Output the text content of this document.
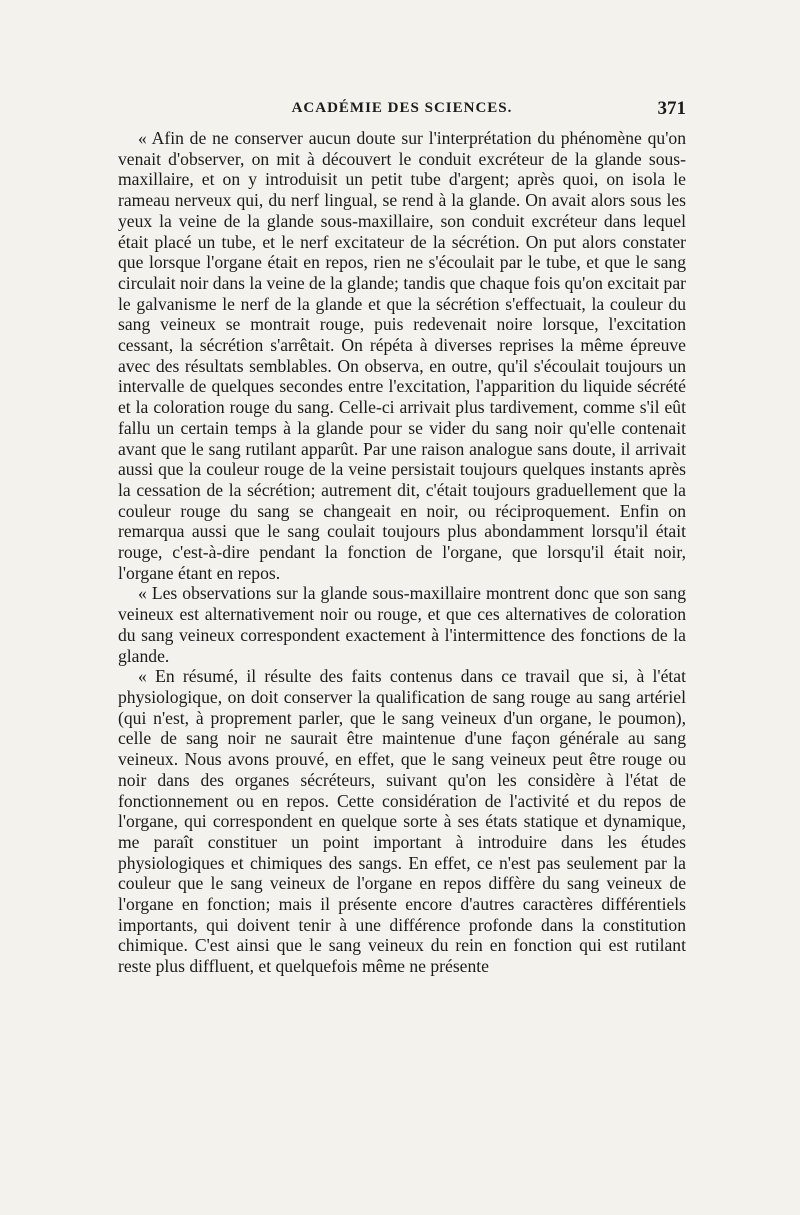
ACADÉMIE DES SCIENCES.	371

« Afin de ne conserver aucun doute sur l'interprétation du phénomène qu'on venait d'observer, on mit à découvert le conduit excréteur de la glande sous-maxillaire, et on y introduisit un petit tube d'argent; après quoi, on isola le rameau nerveux qui, du nerf lingual, se rend à la glande. On avait alors sous les yeux la veine de la glande sous-maxillaire, son conduit excréteur dans lequel était placé un tube, et le nerf excitateur de la sécrétion. On put alors constater que lorsque l'organe était en repos, rien ne s'écoulait par le tube, et que le sang circulait noir dans la veine de la glande; tandis que chaque fois qu'on excitait par le galvanisme le nerf de la glande et que la sécrétion s'effectuait, la couleur du sang veineux se montrait rouge, puis redevenait noire lorsque, l'excitation cessant, la sécrétion s'arrêtait. On répéta à diverses reprises la même épreuve avec des résultats semblables. On observa, en outre, qu'il s'écoulait toujours un intervalle de quelques secondes entre l'excitation, l'apparition du liquide sécrété et la coloration rouge du sang. Celle-ci arrivait plus tardivement, comme s'il eût fallu un certain temps à la glande pour se vider du sang noir qu'elle contenait avant que le sang rutilant apparût. Par une raison analogue sans doute, il arrivait aussi que la couleur rouge de la veine persistait toujours quelques instants après la cessation de la sécrétion; autrement dit, c'était toujours graduellement que la couleur rouge du sang se changeait en noir, ou réciproquement. Enfin on remarqua aussi que le sang coulait toujours plus abondamment lorsqu'il était rouge, c'est-à-dire pendant la fonction de l'organe, que lorsqu'il était noir, l'organe étant en repos.

« Les observations sur la glande sous-maxillaire montrent donc que son sang veineux est alternativement noir ou rouge, et que ces alternatives de coloration du sang veineux correspondent exactement à l'intermittence des fonctions de la glande.

« En résumé, il résulte des faits contenus dans ce travail que si, à l'état physiologique, on doit conserver la qualification de sang rouge au sang artériel (qui n'est, à proprement parler, que le sang veineux d'un organe, le poumon), celle de sang noir ne saurait être maintenue d'une façon générale au sang veineux. Nous avons prouvé, en effet, que le sang veineux peut être rouge ou noir dans des organes sécréteurs, suivant qu'on les considère à l'état de fonctionnement ou en repos. Cette considération de l'activité et du repos de l'organe, qui correspondent en quelque sorte à ses états statique et dynamique, me paraît constituer un point important à introduire dans les études physiologiques et chimiques des sangs. En effet, ce n'est pas seulement par la couleur que le sang veineux de l'organe en repos diffère du sang veineux de l'organe en fonction; mais il présente encore d'autres caractères différentiels importants, qui doivent tenir à une différence profonde dans la constitution chimique. C'est ainsi que le sang veineux du rein en fonction qui est rutilant reste plus diffluent, et quelquefois même ne présente
